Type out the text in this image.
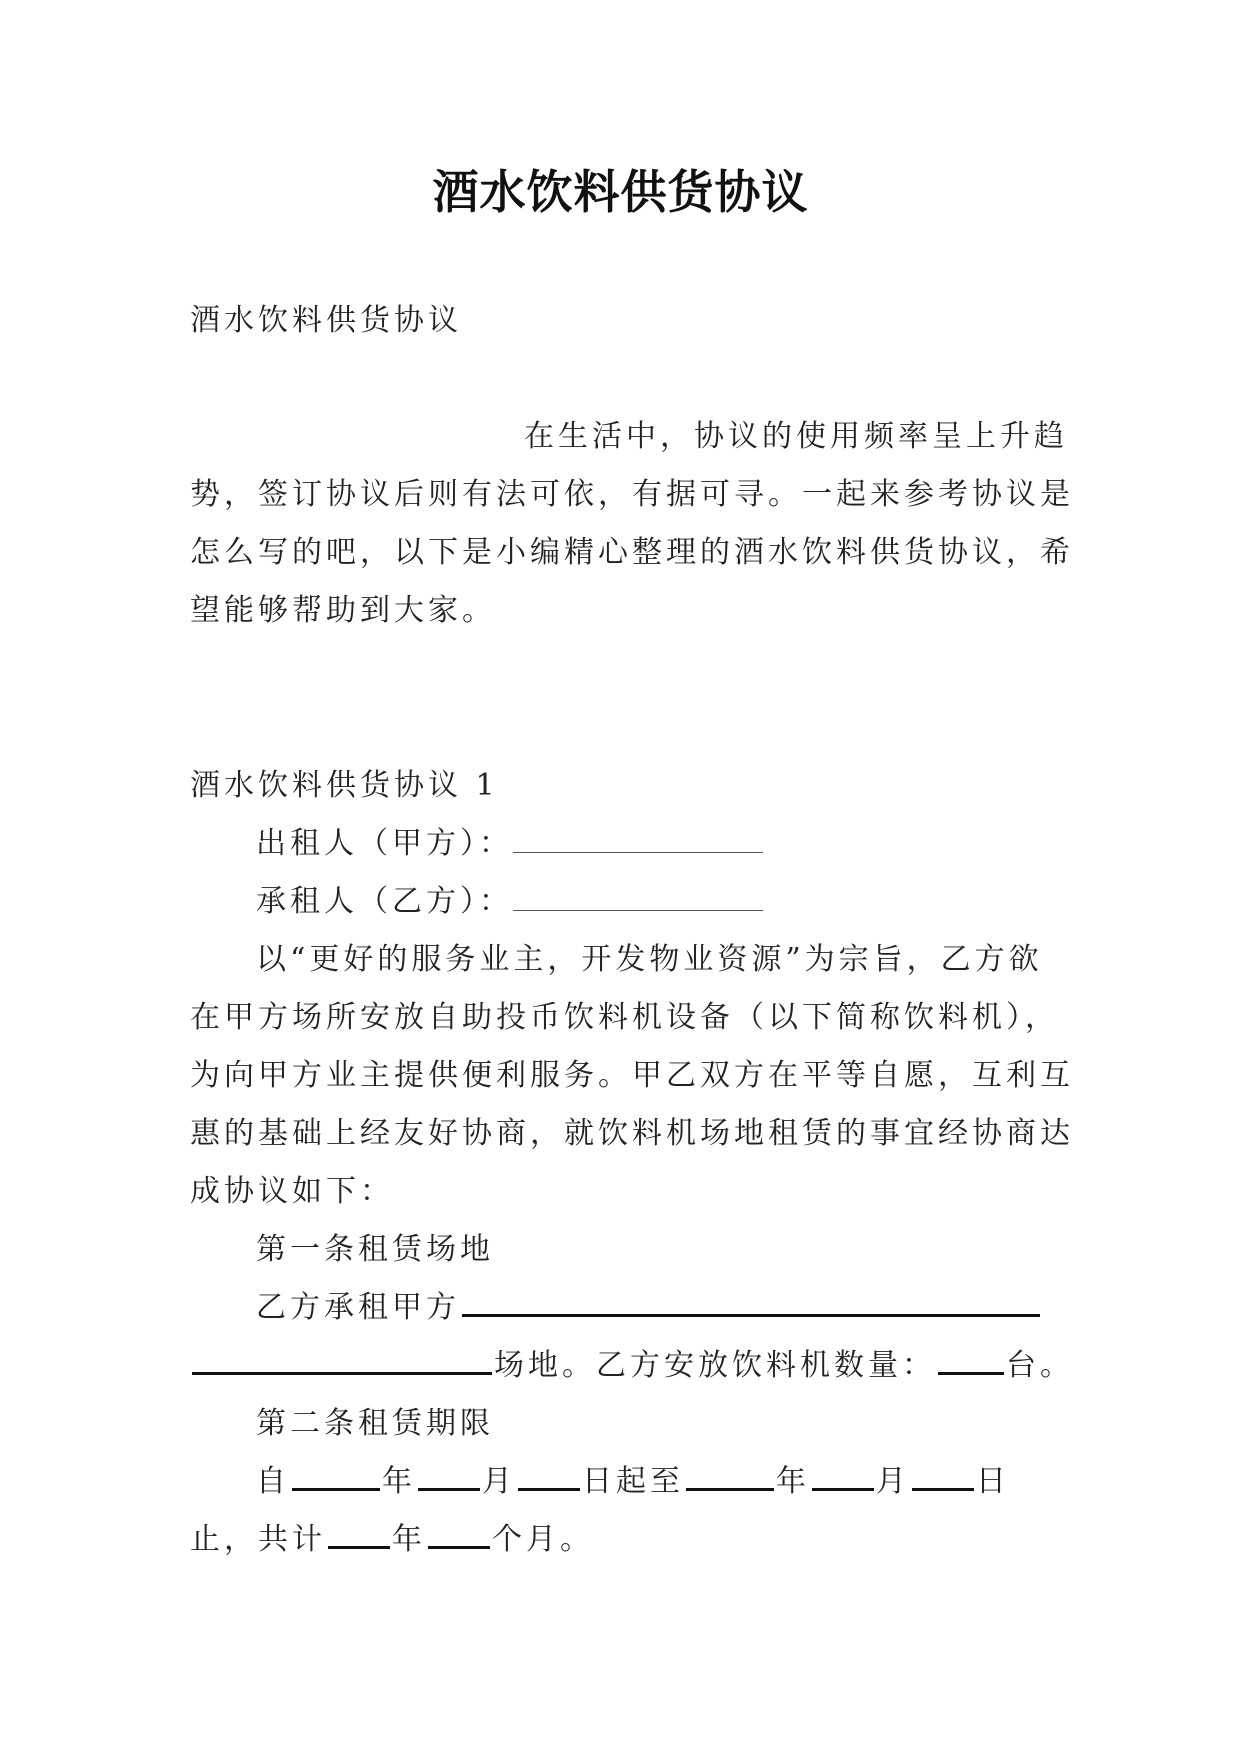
酒水饮料供货协议

酒水饮料供货协议

在生活中，协议的使用频率呈上升趋

势，签订协议后则有法可依，有据可寻。一起来参考协议是

怎么写的吧，以下是小编精心整理的酒水饮料供货协议，希

望能够帮助到大家。

酒水饮料供货协议 1

出租人（甲方）：
承租人（乙方）：

以“更好的服务业主，开发物业资源”为宗旨，乙方欲

在甲方场所安放自助投币饮料机设备（以下简称饮料机），

为向甲方业主提供便利服务。甲乙双方在平等自愿，互利互

惠的基础上经友好协商，就饮料机场地租赁的事宜经协商达

成协议如下：

第一条租赁场地

乙方承租甲方
场地。乙方安放饮料机数量： 台。

第二条租赁期限

自	年 月 日起至	年 月 日
止，共计 年 个月。
